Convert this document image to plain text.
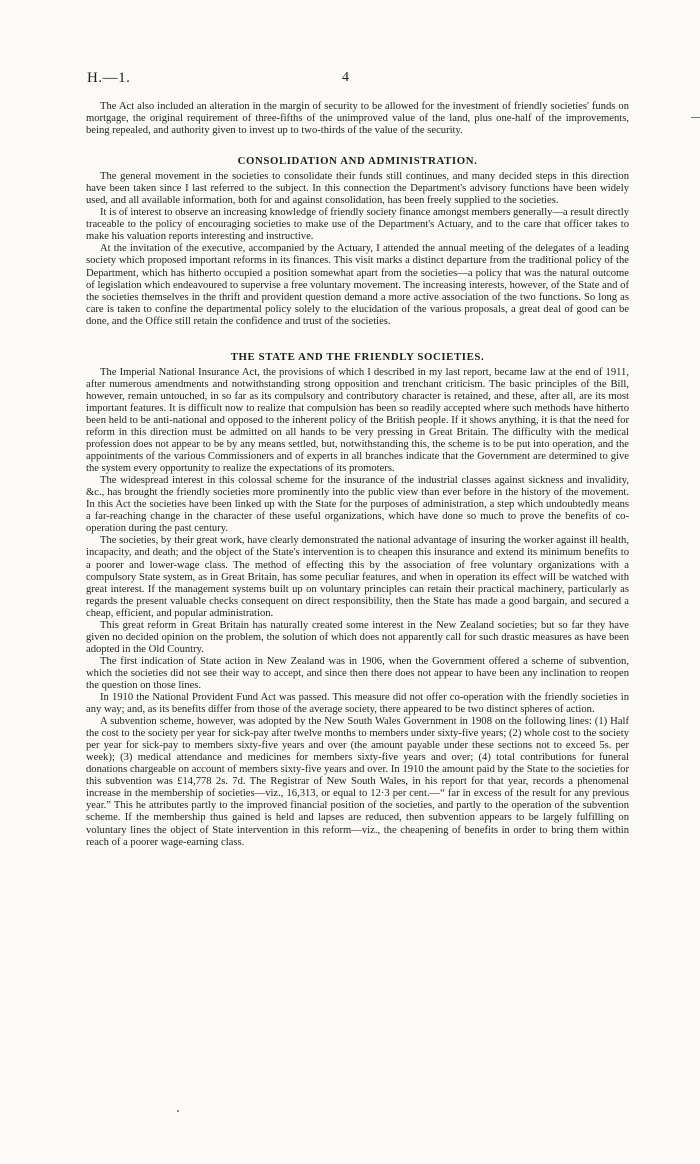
H.—1.	4

The Act also included an alteration in the margin of security to be allowed for the investment of friendly societies' funds on mortgage, the original requirement of three-fifths of the unimproved value of the land, plus one-half of the improvements, being repealed, and authority given to invest up to two-thirds of the value of the security.

CONSOLIDATION AND ADMINISTRATION.

The general movement in the societies to consolidate their funds still continues, and many decided steps in this direction have been taken since I last referred to the subject. In this connection the Department's advisory functions have been widely used, and all available information, both for and against consolidation, has been freely supplied to the societies.

It is of interest to observe an increasing knowledge of friendly society finance amongst members generally—a result directly traceable to the policy of encouraging societies to make use of the Department's Actuary, and to the care that officer takes to make his valuation reports interesting and instructive.

At the invitation of the executive, accompanied by the Actuary, I attended the annual meeting of the delegates of a leading society which proposed important reforms in its finances. This visit marks a distinct departure from the traditional policy of the Department, which has hitherto occupied a position somewhat apart from the societies—a policy that was the natural outcome of legislation which endeavoured to supervise a free voluntary movement. The increasing interests, however, of the State and of the societies themselves in the thrift and provident question demand a more active association of the two functions. So long as care is taken to confine the departmental policy solely to the elucidation of the various proposals, a great deal of good can be done, and the Office still retain the confidence and trust of the societies.

THE STATE AND THE FRIENDLY SOCIETIES.

The Imperial National Insurance Act, the provisions of which I described in my last report, became law at the end of 1911, after numerous amendments and notwithstanding strong opposition and trenchant criticism. The basic principles of the Bill, however, remain untouched, in so far as its compulsory and contributory character is retained, and these, after all, are its most important features. It is difficult now to realize that compulsion has been so readily accepted where such methods have hitherto been held to be anti-national and opposed to the inherent policy of the British people. If it shows anything, it is that the need for reform in this direction must be admitted on all hands to be very pressing in Great Britain. The difficulty with the medical profession does not appear to be by any means settled, but, notwithstanding this, the scheme is to be put into operation, and the appointments of the various Commissioners and of experts in all branches indicate that the Government are determined to give the system every opportunity to realize the expectations of its promoters.

The widespread interest in this colossal scheme for the insurance of the industrial classes against sickness and invalidity, &c., has brought the friendly societies more prominently into the public view than ever before in the history of the movement. In this Act the societies have been linked up with the State for the purposes of administration, a step which undoubtedly means a far-reaching change in the character of these useful organizations, which have done so much to prove the benefits of co-operation during the past century.

The societies, by their great work, have clearly demonstrated the national advantage of insuring the worker against ill health, incapacity, and death; and the object of the State's intervention is to cheapen this insurance and extend its minimum benefits to a poorer and lower-wage class. The method of effecting this by the association of free voluntary organizations with a compulsory State system, as in Great Britain, has some peculiar features, and when in operation its effect will be watched with great interest. If the management systems built up on voluntary principles can retain their practical machinery, particularly as regards the present valuable checks consequent on direct responsibility, then the State has made a good bargain, and secured a cheap, efficient, and popular administration.

This great reform in Great Britain has naturally created some interest in the New Zealand societies; but so far they have given no decided opinion on the problem, the solution of which does not apparently call for such drastic measures as have been adopted in the Old Country.

The first indication of State action in New Zealand was in 1906, when the Government offered a scheme of subvention, which the societies did not see their way to accept, and since then there does not appear to have been any inclination to reopen the question on those lines.

In 1910 the National Provident Fund Act was passed. This measure did not offer co-operation with the friendly societies in any way; and, as its benefits differ from those of the average society, there appeared to be two distinct spheres of action.

A subvention scheme, however, was adopted by the New South Wales Government in 1908 on the following lines: (1) Half the cost to the society per year for sick-pay after twelve months to members under sixty-five years; (2) whole cost to the society per year for sick-pay to members sixty-five years and over (the amount payable under these sections not to exceed 5s. per week); (3) medical attendance and medicines for members sixty-five years and over; (4) total contributions for funeral donations chargeable on account of members sixty-five years and over. In 1910 the amount paid by the State to the societies for this subvention was £14,778 2s. 7d. The Registrar of New South Wales, in his report for that year, records a phenomenal increase in the membership of societies—viz., 16,313, or equal to 12·3 per cent.—“ far in excess of the result for any previous year.” This he attributes partly to the improved financial position of the societies, and partly to the operation of the subvention scheme. If the membership thus gained is held and lapses are reduced, then subvention appears to be largely fulfilling on voluntary lines the object of State intervention in this reform—viz., the cheapening of benefits in order to bring them within reach of a poorer wage-earning class.
